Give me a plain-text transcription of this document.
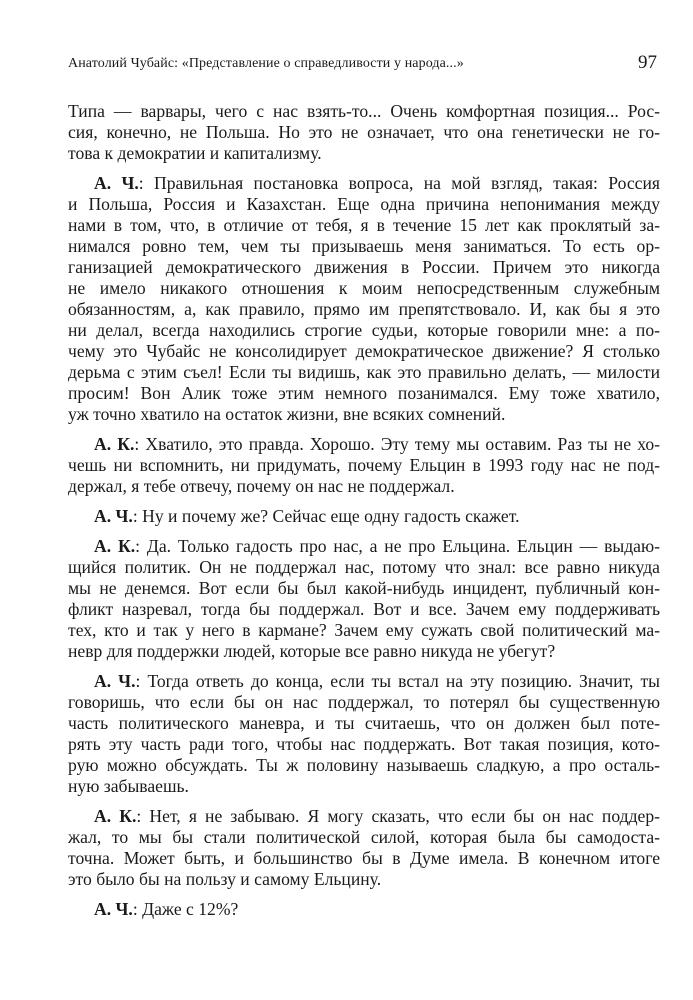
Анатолий Чубайс: «Представление о справедливости у народа...»	97
Типа — варвары, чего с нас взять-то... Очень комфортная позиция... Рос-
сия, конечно, не Польша. Но это не означает, что она генетически не го-
това к демократии и капитализму.
А. Ч.: Правильная постановка вопроса, на мой взгляд, такая: Россия
и Польша, Россия и Казахстан. Еще одна причина непонимания между
нами в том, что, в отличие от тебя, я в течение 15 лет как проклятый за-
нимался ровно тем, чем ты призываешь меня заниматься. То есть ор-
ганизацией демократического движения в России. Причем это никогда
не имело никакого отношения к моим непосредственным служебным
обязанностям, а, как правило, прямо им препятствовало. И, как бы я это
ни делал, всегда находились строгие судьи, которые говорили мне: а по-
чему это Чубайс не консолидирует демократическое движение? Я столько
дерьма с этим съел! Если ты видишь, как это правильно делать, — милости
просим! Вон Алик тоже этим немного позанимался. Ему тоже хватило,
уж точно хватило на остаток жизни, вне всяких сомнений.
А. К.: Хватило, это правда. Хорошо. Эту тему мы оставим. Раз ты не хо-
чешь ни вспомнить, ни придумать, почему Ельцин в 1993 году нас не под-
держал, я тебе отвечу, почему он нас не поддержал.
А. Ч.: Ну и почему же? Сейчас еще одну гадость скажет.
А. К.: Да. Только гадость про нас, а не про Ельцина. Ельцин — выдаю-
щийся политик. Он не поддержал нас, потому что знал: все равно никуда
мы не денемся. Вот если бы был какой-нибудь инцидент, публичный кон-
фликт назревал, тогда бы поддержал. Вот и все. Зачем ему поддерживать
тех, кто и так у него в кармане? Зачем ему сужать свой политический ма-
невр для поддержки людей, которые все равно никуда не убегут?
А. Ч.: Тогда ответь до конца, если ты встал на эту позицию. Значит, ты
говоришь, что если бы он нас поддержал, то потерял бы существенную
часть политического маневра, и ты считаешь, что он должен был поте-
рять эту часть ради того, чтобы нас поддержать. Вот такая позиция, кото-
рую можно обсуждать. Ты ж половину называешь сладкую, а про осталь-
ную забываешь.
А. К.: Нет, я не забываю. Я могу сказать, что если бы он нас поддер-
жал, то мы бы стали политической силой, которая была бы самодоста-
точна. Может быть, и большинство бы в Думе имела. В конечном итоге
это было бы на пользу и самому Ельцину.
А. Ч.: Даже с 12%?
